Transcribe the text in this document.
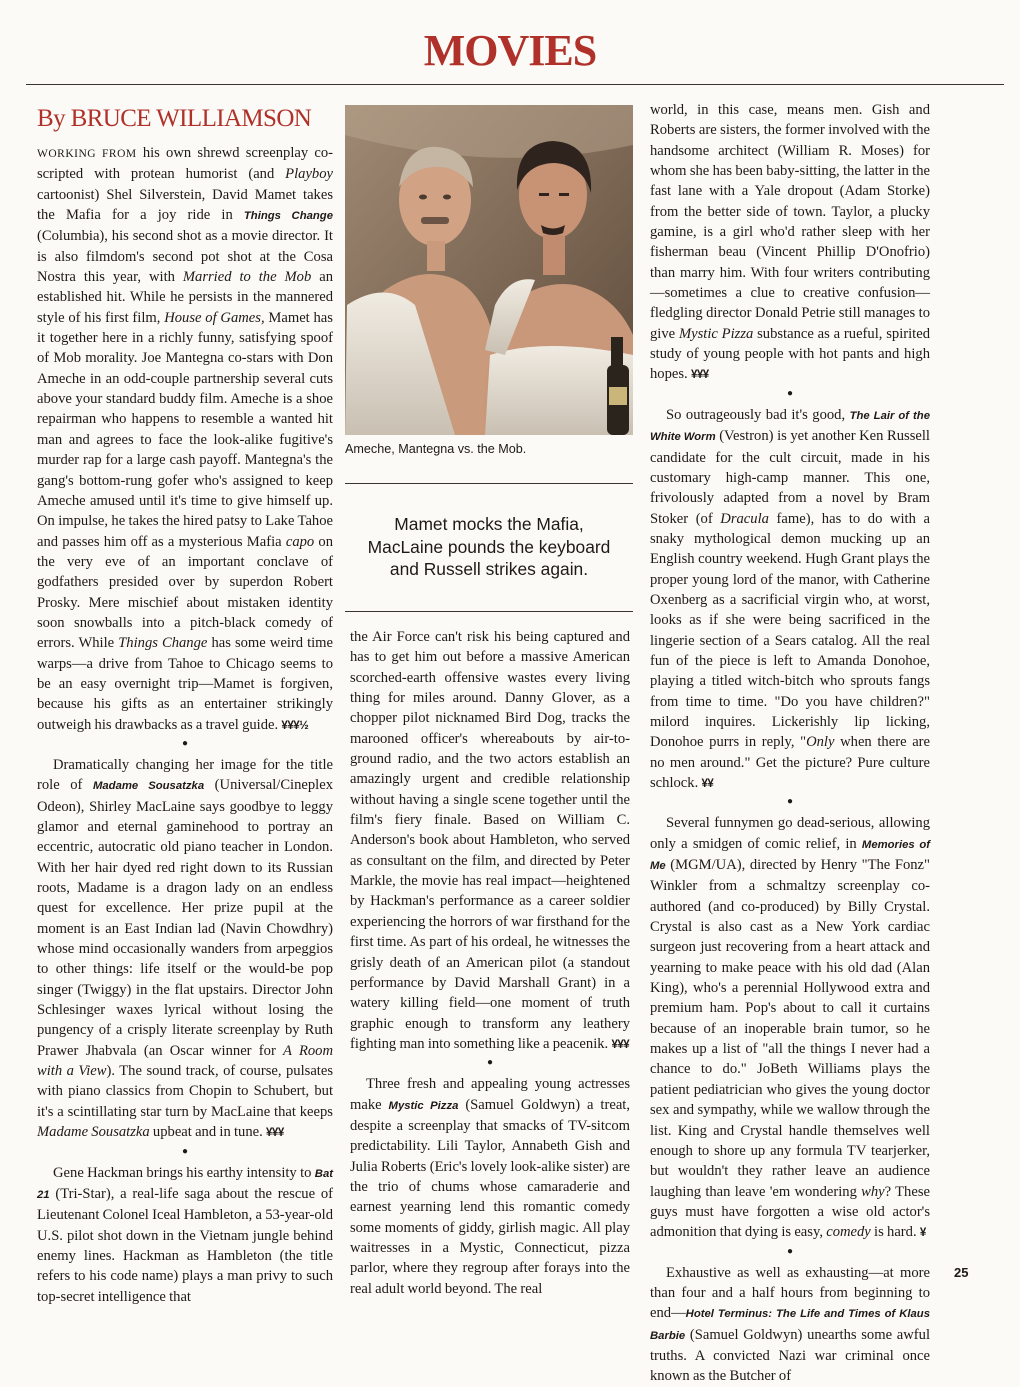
MOVIES
By BRUCE WILLIAMSON

WORKING FROM his own shrewd screenplay co-scripted with protean humorist (and Playboy cartoonist) Shel Silverstein, David Mamet takes the Mafia for a joy ride in Things Change (Columbia), his second shot as a movie director. It is also filmdom's second pot shot at the Cosa Nostra this year, with Married to the Mob an established hit. While he persists in the mannered style of his first film, House of Games, Mamet has it together here in a richly funny, satisfying spoof of Mob morality. Joe Mantegna co-stars with Don Ameche in an odd-couple partnership several cuts above your standard buddy film. Ameche is a shoe repairman who happens to resemble a wanted hit man and agrees to face the look-alike fugitive's murder rap for a large cash payoff. Mantegna's the gang's bottom-rung gofer who's assigned to keep Ameche amused until it's time to give himself up. On impulse, he takes the hired patsy to Lake Tahoe and passes him off as a mysterious Mafia capo on the very eve of an important conclave of godfathers presided over by superdon Robert Prosky. Mere mischief about mistaken identity soon snowballs into a pitch-black comedy of errors. While Things Change has some weird time warps—a drive from Tahoe to Chicago seems to be an easy overnight trip—Mamet is forgiven, because his gifts as an entertainer strikingly outweigh his drawbacks as a travel guide. ¥¥¥½

●

Dramatically changing her image for the title role of Madame Sousatzka (Universal/Cineplex Odeon), Shirley MacLaine says goodbye to leggy glamor and eternal gaminehood to portray an eccentric, autocratic old piano teacher in London. With her hair dyed red right down to its Russian roots, Madame is a dragon lady on an endless quest for excellence. Her prize pupil at the moment is an East Indian lad (Navin Chowdhry) whose mind occasionally wanders from arpeggios to other things: life itself or the would-be pop singer (Twiggy) in the flat upstairs. Director John Schlesinger waxes lyrical without losing the pungency of a crisply literate screenplay by Ruth Prawer Jhabvala (an Oscar winner for A Room with a View). The sound track, of course, pulsates with piano classics from Chopin to Schubert, but it's a scintillating star turn by MacLaine that keeps Madame Sousatzka upbeat and in tune. ¥¥¥

●

Gene Hackman brings his earthy intensity to Bat 21 (Tri-Star), a real-life saga about the rescue of Lieutenant Colonel Iceal Hambleton, a 53-year-old U.S. pilot shot down in the Vietnam jungle behind enemy lines. Hackman as Hambleton (the title refers to his code name) plays a man privy to such top-secret intelligence that

Ameche, Mantegna vs. the Mob.
Mamet mocks the Mafia,
MacLaine pounds the keyboard
and Russell strikes again.

the Air Force can't risk his being captured and has to get him out before a massive American scorched-earth offensive wastes every living thing for miles around. Danny Glover, as a chopper pilot nicknamed Bird Dog, tracks the marooned officer's whereabouts by air-to-ground radio, and the two actors establish an amazingly urgent and credible relationship without having a single scene together until the film's fiery finale. Based on William C. Anderson's book about Hambleton, who served as consultant on the film, and directed by Peter Markle, the movie has real impact—heightened by Hackman's performance as a career soldier experiencing the horrors of war firsthand for the first time. As part of his ordeal, he witnesses the grisly death of an American pilot (a standout performance by David Marshall Grant) in a watery killing field—one moment of truth graphic enough to transform any leathery fighting man into something like a peacenik. ¥¥¥

●

Three fresh and appealing young actresses make Mystic Pizza (Samuel Goldwyn) a treat, despite a screenplay that smacks of TV-sitcom predictability. Lili Taylor, Annabeth Gish and Julia Roberts (Eric's lovely look-alike sister) are the trio of chums whose camaraderie and earnest yearning lend this romantic comedy some moments of giddy, girlish magic. All play waitresses in a Mystic, Connecticut, pizza parlor, where they regroup after forays into the real adult world beyond. The real

world, in this case, means men. Gish and Roberts are sisters, the former involved with the handsome architect (William R. Moses) for whom she has been baby-sitting, the latter in the fast lane with a Yale dropout (Adam Storke) from the better side of town. Taylor, a plucky gamine, is a girl who'd rather sleep with her fisherman beau (Vincent Phillip D'Onofrio) than marry him. With four writers contributing—sometimes a clue to creative confusion—fledgling director Donald Petrie still manages to give Mystic Pizza substance as a rueful, spirited study of young people with hot pants and high hopes. ¥¥¥

●

So outrageously bad it's good, The Lair of the White Worm (Vestron) is yet another Ken Russell candidate for the cult circuit, made in his customary high-camp manner. This one, frivolously adapted from a novel by Bram Stoker (of Dracula fame), has to do with a snaky mythological demon mucking up an English country weekend. Hugh Grant plays the proper young lord of the manor, with Catherine Oxenberg as a sacrificial virgin who, at worst, looks as if she were being sacrificed in the lingerie section of a Sears catalog. All the real fun of the piece is left to Amanda Donohoe, playing a titled witch-bitch who sprouts fangs from time to time. "Do you have children?" milord inquires. Lickerishly lip licking, Donohoe purrs in reply, "Only when there are no men around." Get the picture? Pure culture schlock. ¥¥

●

Several funnymen go dead-serious, allowing only a smidgen of comic relief, in Memories of Me (MGM/UA), directed by Henry "The Fonz" Winkler from a schmaltzy screenplay co-authored (and co-produced) by Billy Crystal. Crystal is also cast as a New York cardiac surgeon just recovering from a heart attack and yearning to make peace with his old dad (Alan King), who's a perennial Hollywood extra and premium ham. Pop's about to call it curtains because of an inoperable brain tumor, so he makes up a list of "all the things I never had a chance to do." JoBeth Williams plays the patient pediatrician who gives the young doctor sex and sympathy, while we wallow through the list. King and Crystal handle themselves well enough to shore up any formula TV tearjerker, but wouldn't they rather leave an audience laughing than leave 'em wondering why? These guys must have forgotten a wise old actor's admonition that dying is easy, comedy is hard. ¥

●

Exhaustive as well as exhausting—at more than four and a half hours from beginning to end—Hotel Terminus: The Life and Times of Klaus Barbie (Samuel Goldwyn) unearths some awful truths. A convicted Nazi war criminal once known as the Butcher of

25
